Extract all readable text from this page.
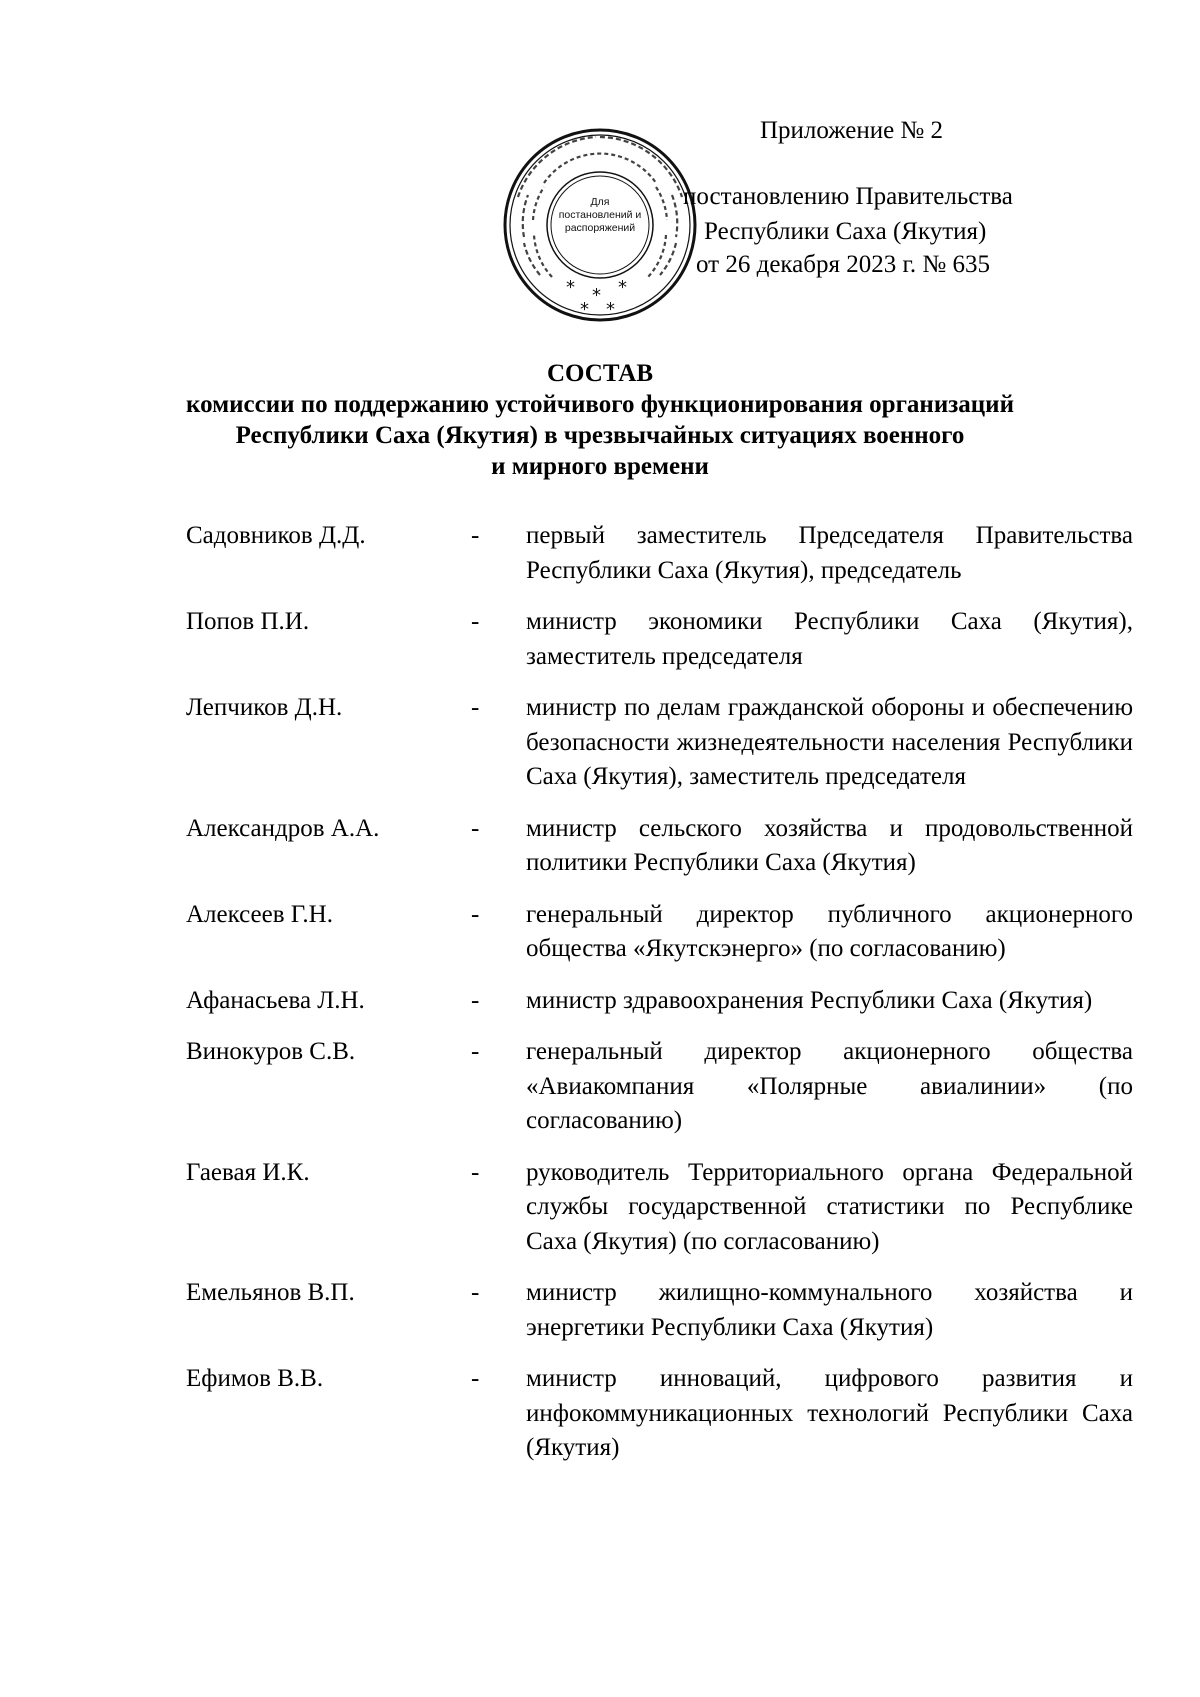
* * *
* *
Для
постановлений и
распоряжений
Приложение № 2
постановлению Правительства
Республики Саха (Якутия)
от 26 декабря 2023 г. № 635
СОСТАВ
комиссии по поддержанию устойчивого функционирования организаций
Республики Саха (Якутия) в чрезвычайных ситуациях военного
и мирного времени
Садовников Д.Д.	-	первый заместитель Председателя Правительства Республики Саха (Якутия), председатель
Попов П.И.	-	министр экономики Республики Саха (Якутия), заместитель председателя
Лепчиков Д.Н.	-	министр по делам гражданской обороны и обеспечению безопасности жизнедеятельности населения Республики Саха (Якутия), заместитель председателя
Александров А.А.	-	министр сельского хозяйства и продовольственной политики Республики Саха (Якутия)
Алексеев Г.Н.	-	генеральный директор публичного акционерного общества «Якутскэнерго» (по согласованию)
Афанасьева Л.Н.	-	министр здравоохранения Республики Саха (Якутия)
Винокуров С.В.	-	генеральный директор акционерного общества «Авиакомпания «Полярные авиалинии» (по согласованию)
Гаевая И.К.	-	руководитель Территориального органа Федеральной службы государственной статистики по Республике Саха (Якутия) (по согласованию)
Емельянов В.П.	-	министр жилищно-коммунального хозяйства и энергетики Республики Саха (Якутия)
Ефимов В.В.	-	министр инноваций, цифрового развития и инфокоммуникационных технологий Республики Саха (Якутия)
